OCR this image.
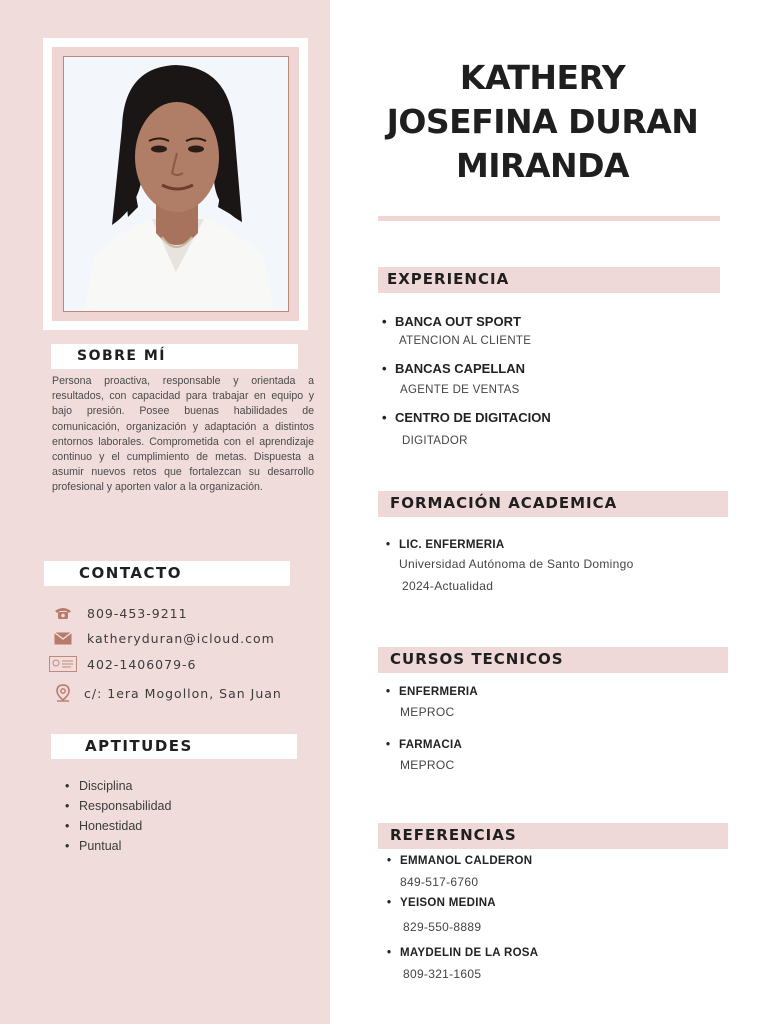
SOBRE MÍ

Persona proactiva, responsable y orientada a resultados, con capacidad para trabajar en equipo y bajo presión. Posee buenas habilidades de comunicación, organización y adaptación a distintos entornos laborales. Comprometida con el aprendizaje continuo y el cumplimiento de metas. Dispuesta a asumir nuevos retos que fortalezcan su desarrollo profesional y aporten valor a la organización.

CONTACTO
809-453-9211
katheryduran@icloud.com
402-1406079-6
c/: 1era Mogollon, San Juan
APTITUDES
• Disciplina
• Responsabilidad
• Honestidad
• Puntual
KATHERY
JOSEFINA DURAN
MIRANDA
EXPERIENCIA
• BANCA OUT SPORT
ATENCION AL CLIENTE
• BANCAS CAPELLAN
AGENTE DE VENTAS
• CENTRO DE DIGITACION
DIGITADOR
FORMACIÓN ACADEMICA
• LIC. ENFERMERIA
Universidad Autónoma de Santo Domingo
2024-Actualidad
CURSOS TECNICOS
• ENFERMERIA
MEPROC
• FARMACIA
MEPROC
REFERENCIAS
• EMMANOL CALDERON
849-517-6760
• YEISON MEDINA
829-550-8889
• MAYDELIN DE LA ROSA
809-321-1605
